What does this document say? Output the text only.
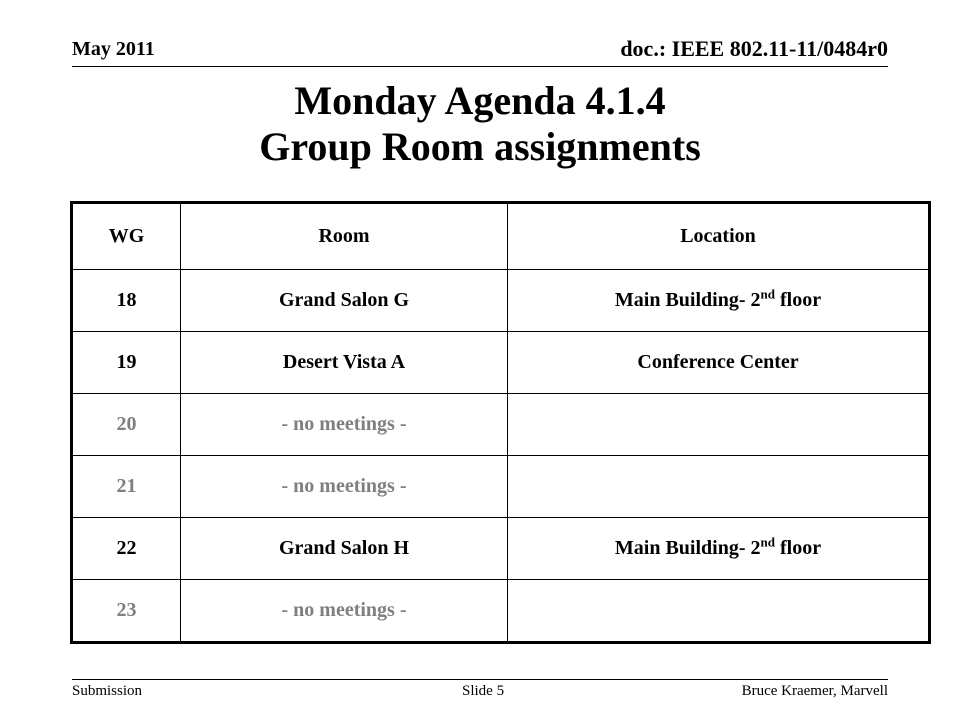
May 2011	doc.: IEEE 802.11-11/0484r0
Monday Agenda 4.1.4
Group Room assignments
WG	Room	Location
18	Grand Salon G	Main Building- 2nd floor
19	Desert Vista A	Conference Center
20	- no meetings -	
21	- no meetings -	
22	Grand Salon H	Main Building- 2nd floor
23	- no meetings -	
Submission	Slide 5	Bruce Kraemer, Marvell
